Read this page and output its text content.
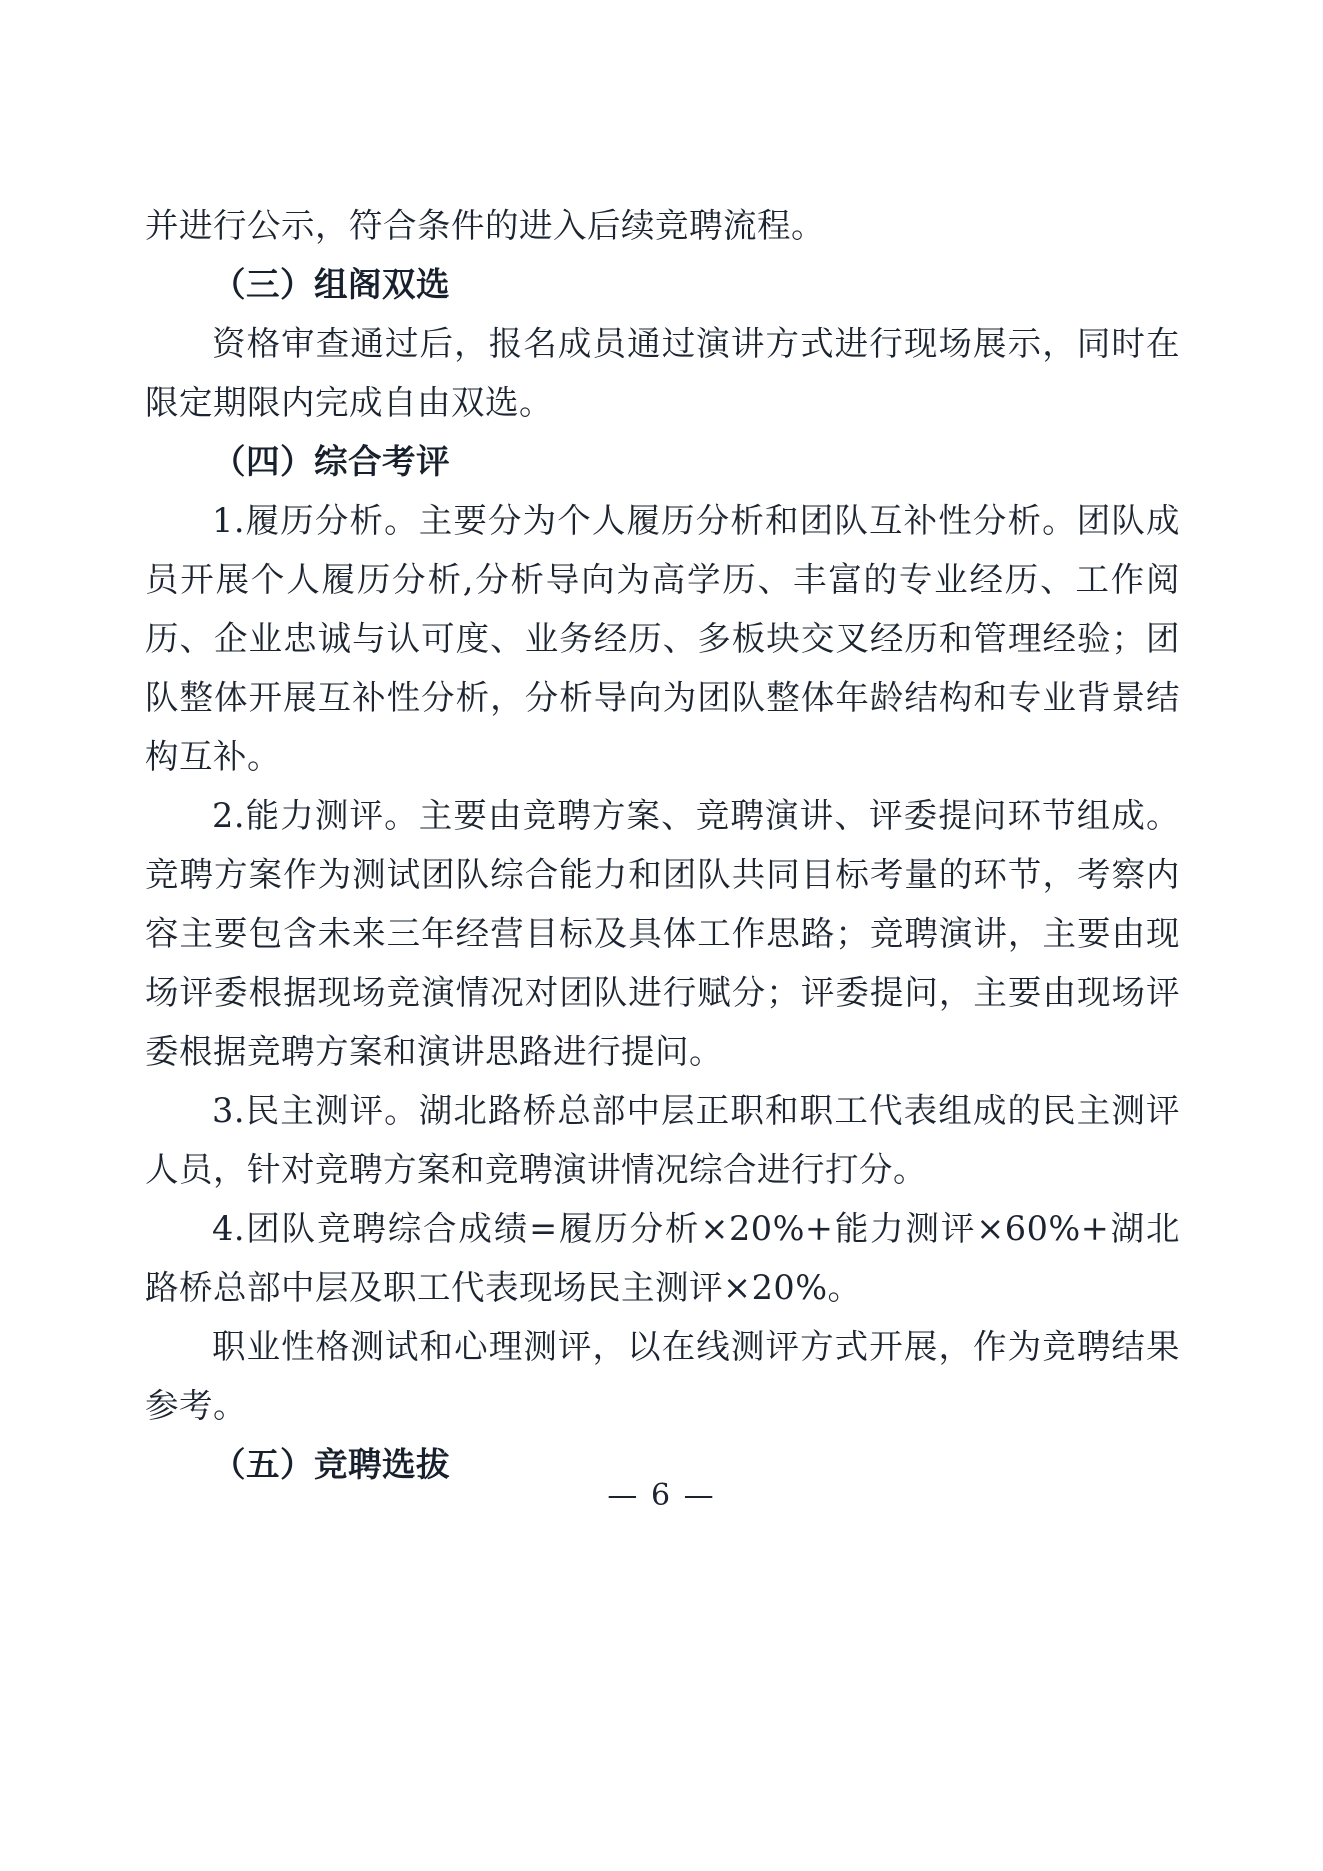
并进行公示，符合条件的进入后续竞聘流程。

（三）组阁双选

资格审查通过后，报名成员通过演讲方式进行现场展示，同时在限定期限内完成自由双选。

（四）综合考评

1.履历分析。主要分为个人履历分析和团队互补性分析。团队成员开展个人履历分析,分析导向为高学历、丰富的专业经历、工作阅历、企业忠诚与认可度、业务经历、多板块交叉经历和管理经验；团队整体开展互补性分析，分析导向为团队整体年龄结构和专业背景结构互补。

2.能力测评。主要由竞聘方案、竞聘演讲、评委提问环节组成。竞聘方案作为测试团队综合能力和团队共同目标考量的环节，考察内容主要包含未来三年经营目标及具体工作思路；竞聘演讲，主要由现场评委根据现场竞演情况对团队进行赋分；评委提问，主要由现场评委根据竞聘方案和演讲思路进行提问。

3.民主测评。湖北路桥总部中层正职和职工代表组成的民主测评人员，针对竞聘方案和竞聘演讲情况综合进行打分。

4.团队竞聘综合成绩=履历分析×20%+能力测评×60%+湖北路桥总部中层及职工代表现场民主测评×20%。

职业性格测试和心理测评，以在线测评方式开展，作为竞聘结果参考。

（五）竞聘选拔

— 6 —
